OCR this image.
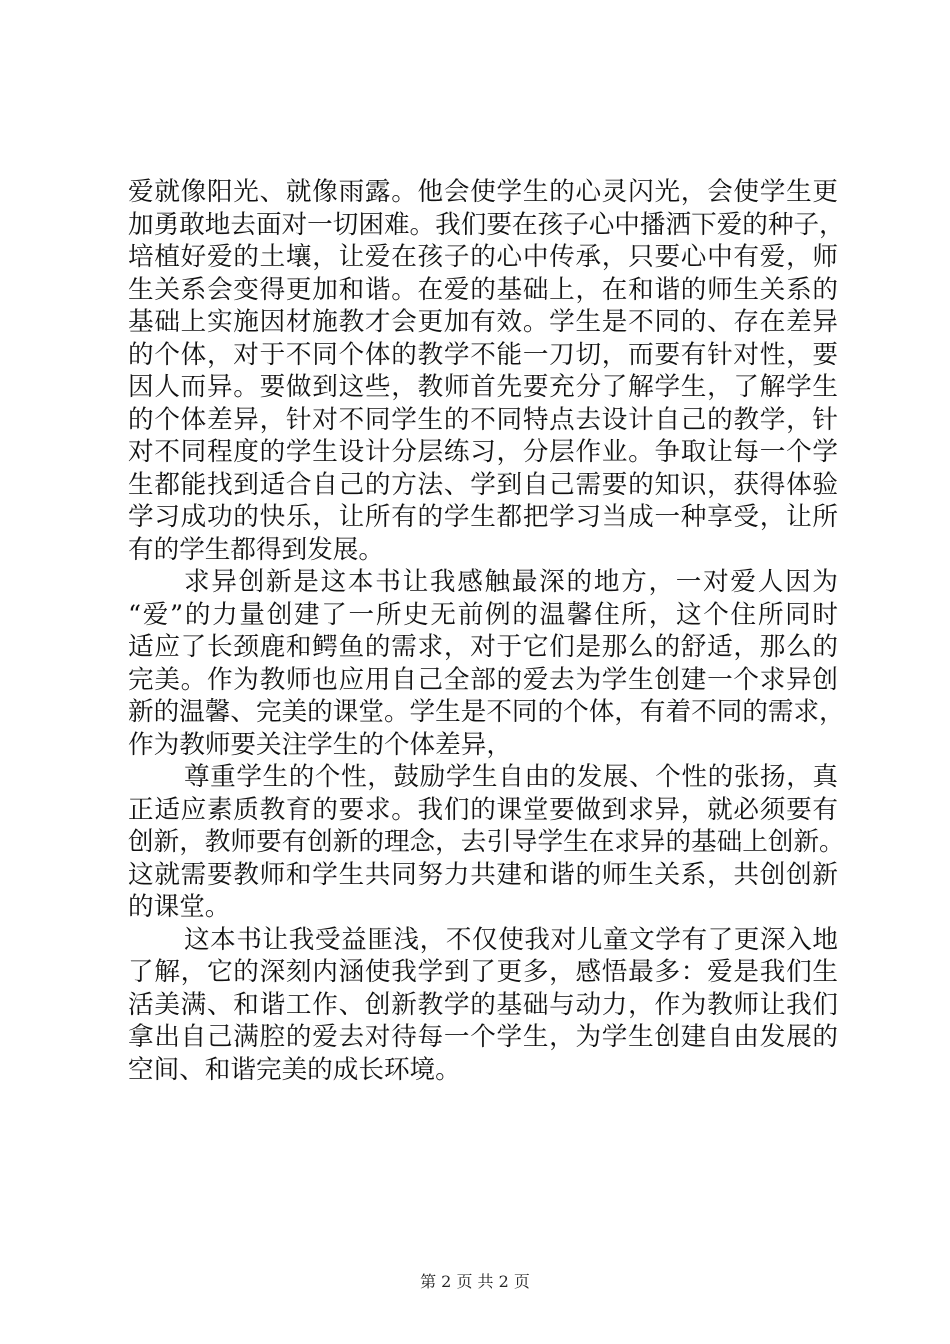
爱就像阳光、就像雨露。他会使学生的心灵闪光，会使学生更
加勇敢地去面对一切困难。我们要在孩子心中播洒下爱的种子，
培植好爱的土壤，让爱在孩子的心中传承，只要心中有爱，师
生关系会变得更加和谐。在爱的基础上，在和谐的师生关系的
基础上实施因材施教才会更加有效。学生是不同的、存在差异
的个体，对于不同个体的教学不能一刀切，而要有针对性，要
因人而异。要做到这些，教师首先要充分了解学生，了解学生
的个体差异，针对不同学生的不同特点去设计自己的教学，针
对不同程度的学生设计分层练习，分层作业。争取让每一个学
生都能找到适合自己的方法、学到自己需要的知识，获得体验
学习成功的快乐，让所有的学生都把学习当成一种享受，让所
有的学生都得到发展。
求异创新是这本书让我感触最深的地方，一对爱人因为
“爱”的力量创建了一所史无前例的温馨住所，这个住所同时
适应了长颈鹿和鳄鱼的需求，对于它们是那么的舒适，那么的
完美。作为教师也应用自己全部的爱去为学生创建一个求异创
新的温馨、完美的课堂。学生是不同的个体，有着不同的需求，
作为教师要关注学生的个体差异，
尊重学生的个性，鼓励学生自由的发展、个性的张扬，真
正适应素质教育的要求。我们的课堂要做到求异，就必须要有
创新，教师要有创新的理念，去引导学生在求异的基础上创新。
这就需要教师和学生共同努力共建和谐的师生关系，共创创新
的课堂。
这本书让我受益匪浅，不仅使我对儿童文学有了更深入地
了解，它的深刻内涵使我学到了更多，感悟最多：爱是我们生
活美满、和谐工作、创新教学的基础与动力，作为教师让我们
拿出自己满腔的爱去对待每一个学生，为学生创建自由发展的
空间、和谐完美的成长环境。
第 2 页 共 2 页
